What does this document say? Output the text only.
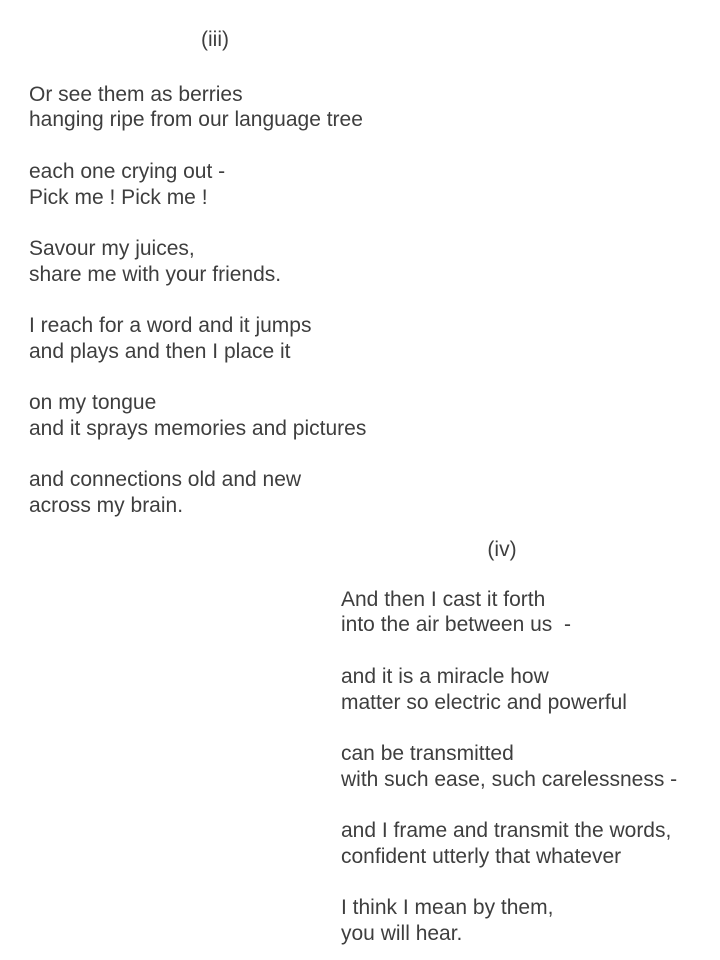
(iii)
Or see them as berries
hanging ripe from our language tree
each one crying out -
Pick me ! Pick me !
Savour my juices,
share me with your friends.
I reach for a word and it jumps
and plays and then I place it
on my tongue
and it sprays memories and pictures
and connections old and new
across my brain.
(iv)
And then I cast it forth
into the air between us  -
and it is a miracle how
matter so electric and powerful
can be transmitted
with such ease, such carelessness -
and I frame and transmit the words,
confident utterly that whatever
I think I mean by them,
you will hear.
